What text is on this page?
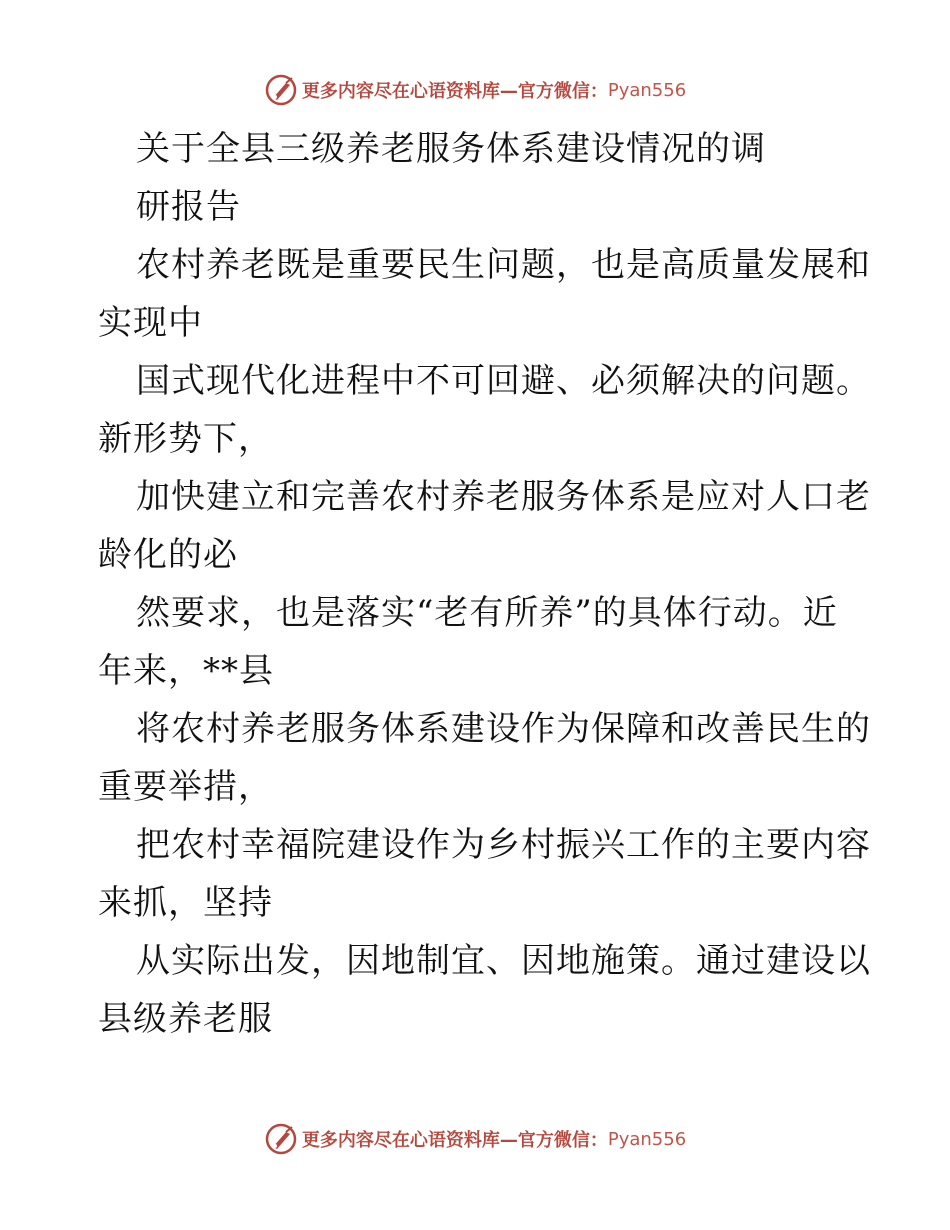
更多内容尽在心语资料库—官方微信： Pyan556
关于全县三级养老服务体系建设情况的调
研报告
农村养老既是重要民生问题，也是高质量发展和
实现中
国式现代化进程中不可回避、必须解决的问题。
新形势下，
加快建立和完善农村养老服务体系是应对人口老
龄化的必
然要求，也是落实“老有所养”的具体行动。近
年来，**县
将农村养老服务体系建设作为保障和改善民生的
重要举措，
把农村幸福院建设作为乡村振兴工作的主要内容
来抓，坚持
从实际出发，因地制宜、因地施策。通过建设以
县级养老服
更多内容尽在心语资料库—官方微信： Pyan556
